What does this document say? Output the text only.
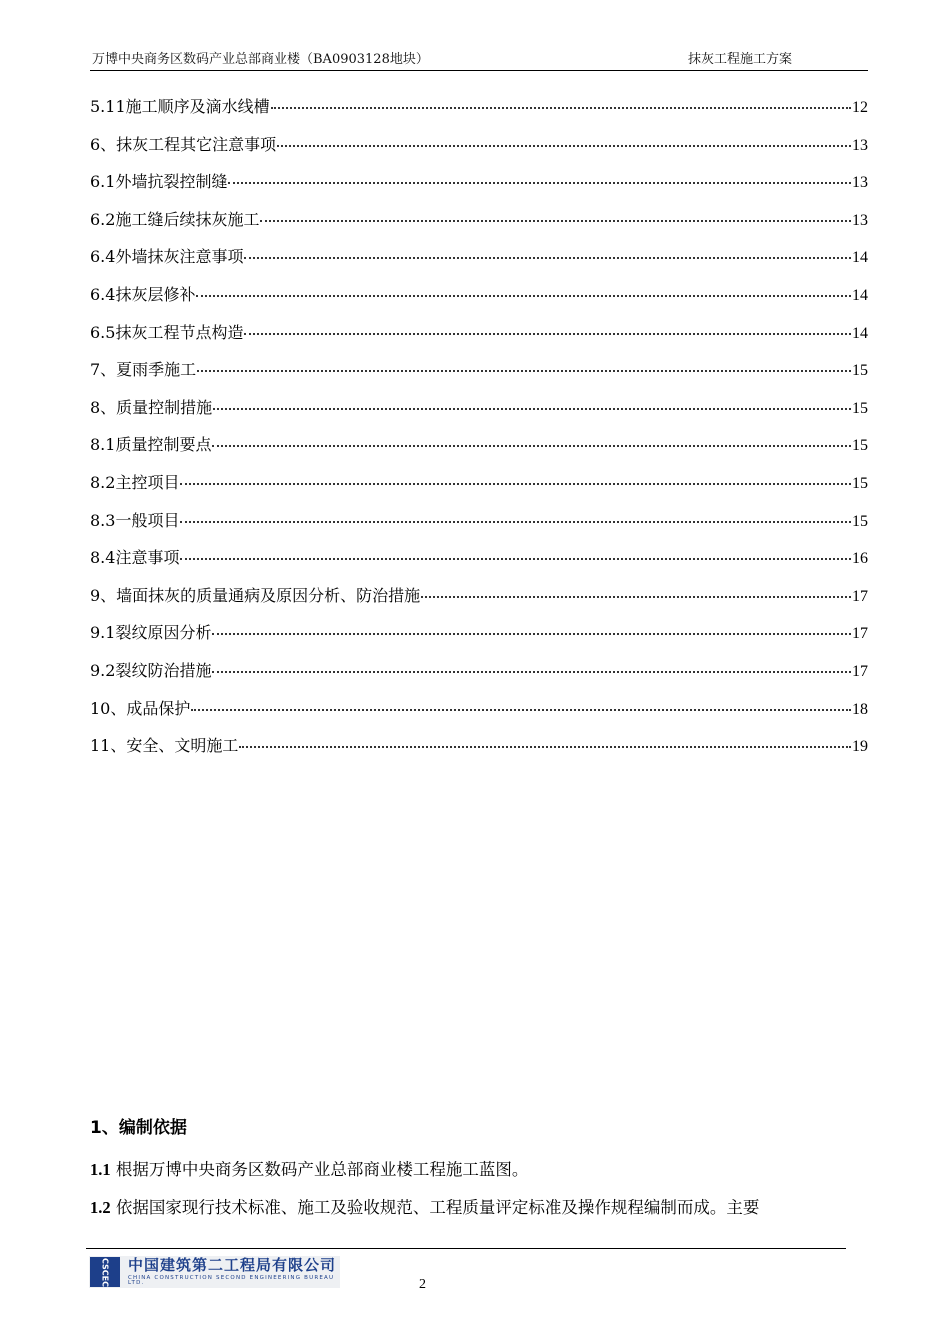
万博中央商务区数码产业总部商业楼（BA0903128地块）	抹灰工程施工方案
5.11施工顺序及滴水线槽	12
6、抹灰工程其它注意事项	13
6.1外墙抗裂控制缝	13
6.2施工缝后续抹灰施工	13
6.4外墙抹灰注意事项	14
6.4抹灰层修补	14
6.5抹灰工程节点构造	14
7、夏雨季施工	15
8、质量控制措施	15
8.1质量控制要点	15
8.2主控项目	15
8.3一般项目	15
8.4注意事项	16
9、墙面抹灰的质量通病及原因分析、防治措施	17
9.1裂纹原因分析	17
9.2裂纹防治措施	17
10、成品保护	18
11、安全、文明施工	19
1、编制依据
1.1 根据万博中央商务区数码产业总部商业楼工程施工蓝图。
1.2 依据国家现行技术标准、施工及验收规范、工程质量评定标准及操作规程编制而成。主要
CSCEC	中国建筑第二工程局有限公司
CHINA CONSTRUCTION SECOND ENGINEERING BUREAU LTD.	2
